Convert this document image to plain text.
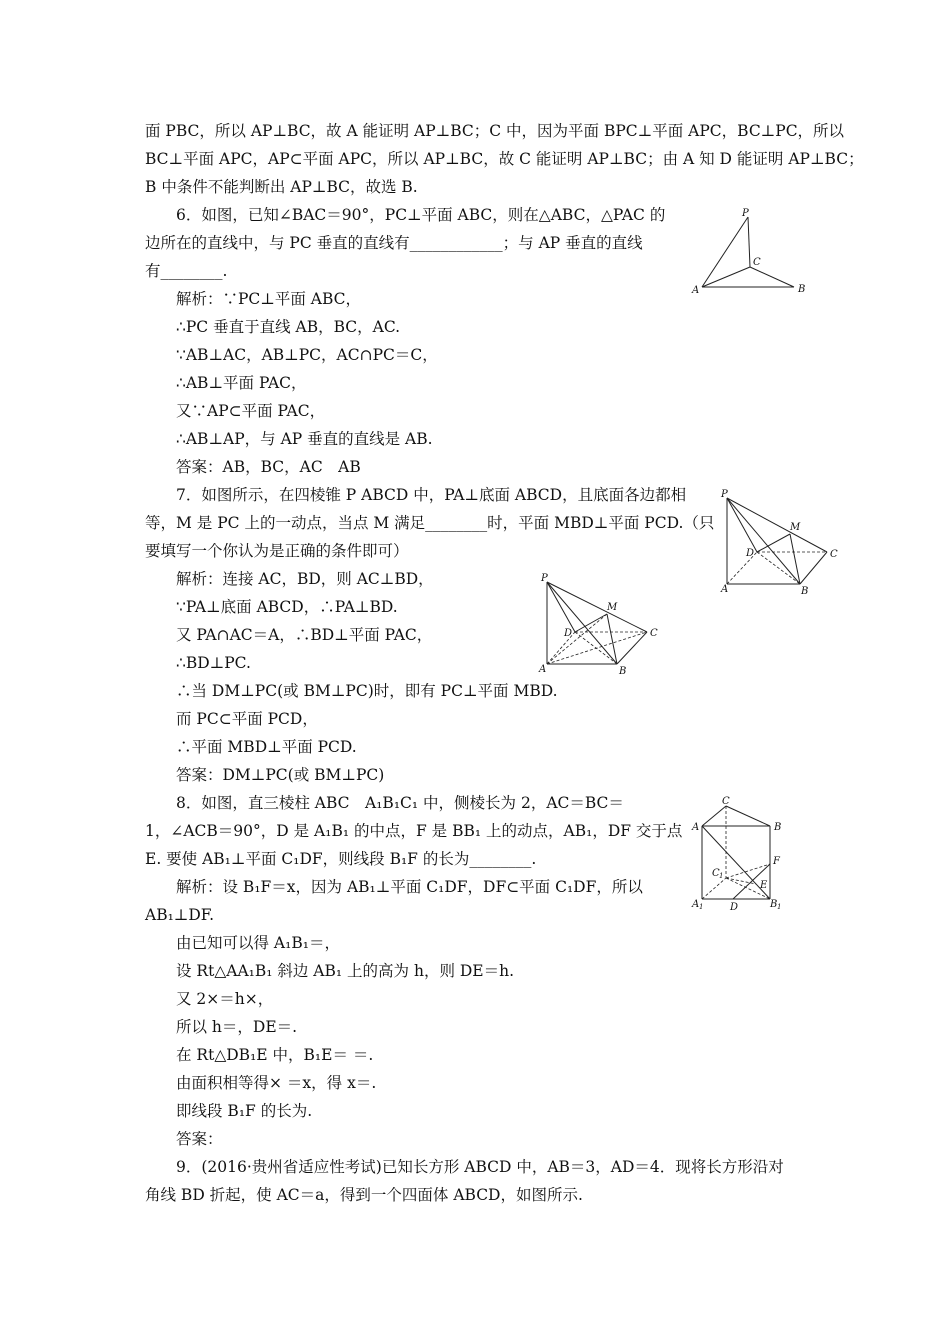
面 PBC，所以 AP⊥BC，故 A 能证明 AP⊥BC；C 中，因为平面 BPC⊥平面 APC，BC⊥PC，所以
BC⊥平面 APC，AP⊂平面 APC，所以 AP⊥BC，故 C 能证明 AP⊥BC；由 A 知 D 能证明 AP⊥BC；
B 中条件不能判断出 AP⊥BC，故选 B.
6．如图，已知∠BAC＝90°，PC⊥平面 ABC，则在△ABC，△PAC 的
边所在的直线中，与 PC 垂直的直线有____________；与 AP 垂直的直线
有________.
解析：∵PC⊥平面 ABC，
∴PC 垂直于直线 AB，BC，AC.
∵AB⊥AC，AB⊥PC，AC∩PC＝C，
∴AB⊥平面 PAC，
又∵AP⊂平面 PAC，
∴AB⊥AP，与 AP 垂直的直线是 AB.
答案：AB，BC，AC　AB
7．如图所示，在四棱锥 P ABCD 中，PA⊥底面 ABCD，且底面各边都相
等，M 是 PC 上的一动点，当点 M 满足________时，平面 MBD⊥平面 PCD.（只
要填写一个你认为是正确的条件即可）
解析：连接 AC，BD，则 AC⊥BD，
∵PA⊥底面 ABCD，∴PA⊥BD.
又 PA∩AC＝A，∴BD⊥平面 PAC，
∴BD⊥PC.
∴当 DM⊥PC(或 BM⊥PC)时，即有 PC⊥平面 MBD.
而 PC⊂平面 PCD，
∴平面 MBD⊥平面 PCD.
答案：DM⊥PC(或 BM⊥PC)
8．如图，直三棱柱 ABC　A₁B₁C₁ 中，侧棱长为 2，AC＝BC＝
1，∠ACB＝90°，D 是 A₁B₁ 的中点，F 是 BB₁ 上的动点，AB₁，DF 交于点
E. 要使 AB₁⊥平面 C₁DF，则线段 B₁F 的长为________.
解析：设 B₁F＝x，因为 AB₁⊥平面 C₁DF，DF⊂平面 C₁DF，所以
AB₁⊥DF.
由已知可以得 A₁B₁＝，
设 Rt△AA₁B₁ 斜边 AB₁ 上的高为 h，则 DE＝h.
又 2×＝h×，
所以 h＝，DE＝.
在 Rt△DB₁E 中，B₁E＝ ＝.
由面积相等得× ＝x，得 x＝.
即线段 B₁F 的长为.
答案：
9．(2016·贵州省适应性考试)已知长方形 ABCD 中，AB＝3，AD＝4．现将长方形沿对
角线 BD 折起，使 AC＝a，得到一个四面体 ABCD，如图所示.
P
C
A	B
P
M
D	C
A	B
P
M
D	C
A	B
C
A	B
F
C 1
E
A 1	D	B 1
